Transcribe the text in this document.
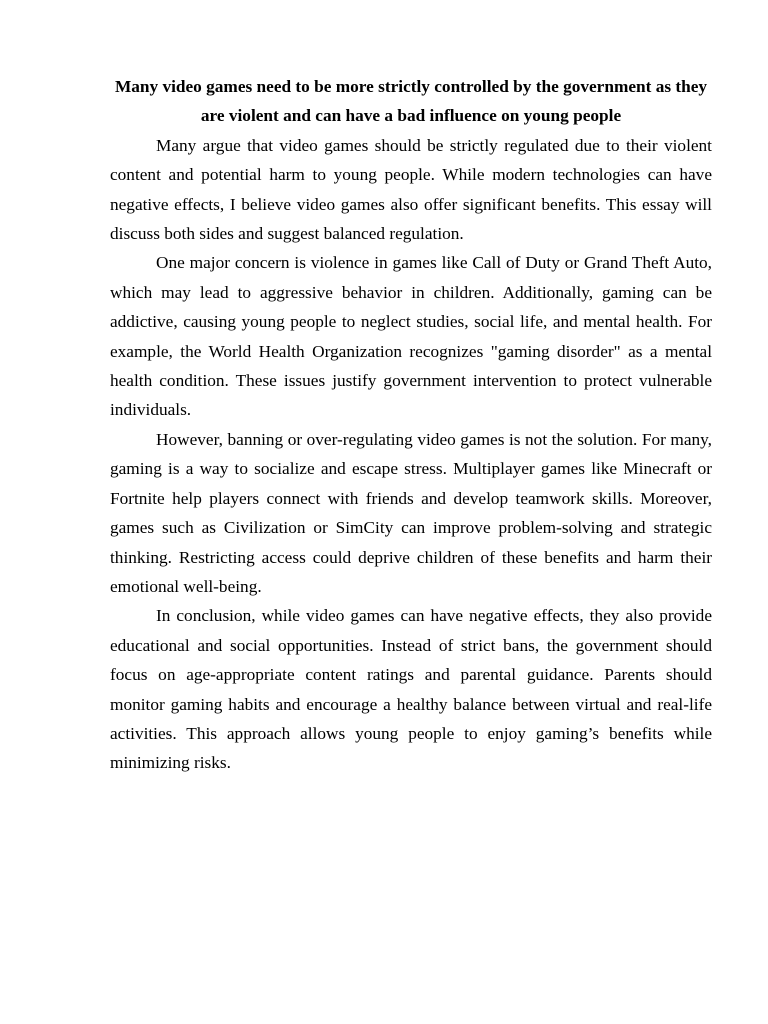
Many video games need to be more strictly controlled by the government as they are violent and can have a bad influence on young people

Many argue that video games should be strictly regulated due to their violent content and potential harm to young people. While modern technologies can have negative effects, I believe video games also offer significant benefits. This essay will discuss both sides and suggest balanced regulation.

One major concern is violence in games like Call of Duty or Grand Theft Auto, which may lead to aggressive behavior in children. Additionally, gaming can be addictive, causing young people to neglect studies, social life, and mental health. For example, the World Health Organization recognizes "gaming disorder" as a mental health condition. These issues justify government intervention to protect vulnerable individuals.

However, banning or over-regulating video games is not the solution. For many, gaming is a way to socialize and escape stress. Multiplayer games like Minecraft or Fortnite help players connect with friends and develop teamwork skills. Moreover, games such as Civilization or SimCity can improve problem-solving and strategic thinking. Restricting access could deprive children of these benefits and harm their emotional well-being.

In conclusion, while video games can have negative effects, they also provide educational and social opportunities. Instead of strict bans, the government should focus on age-appropriate content ratings and parental guidance. Parents should monitor gaming habits and encourage a healthy balance between virtual and real-life activities. This approach allows young people to enjoy gaming’s benefits while minimizing risks.
